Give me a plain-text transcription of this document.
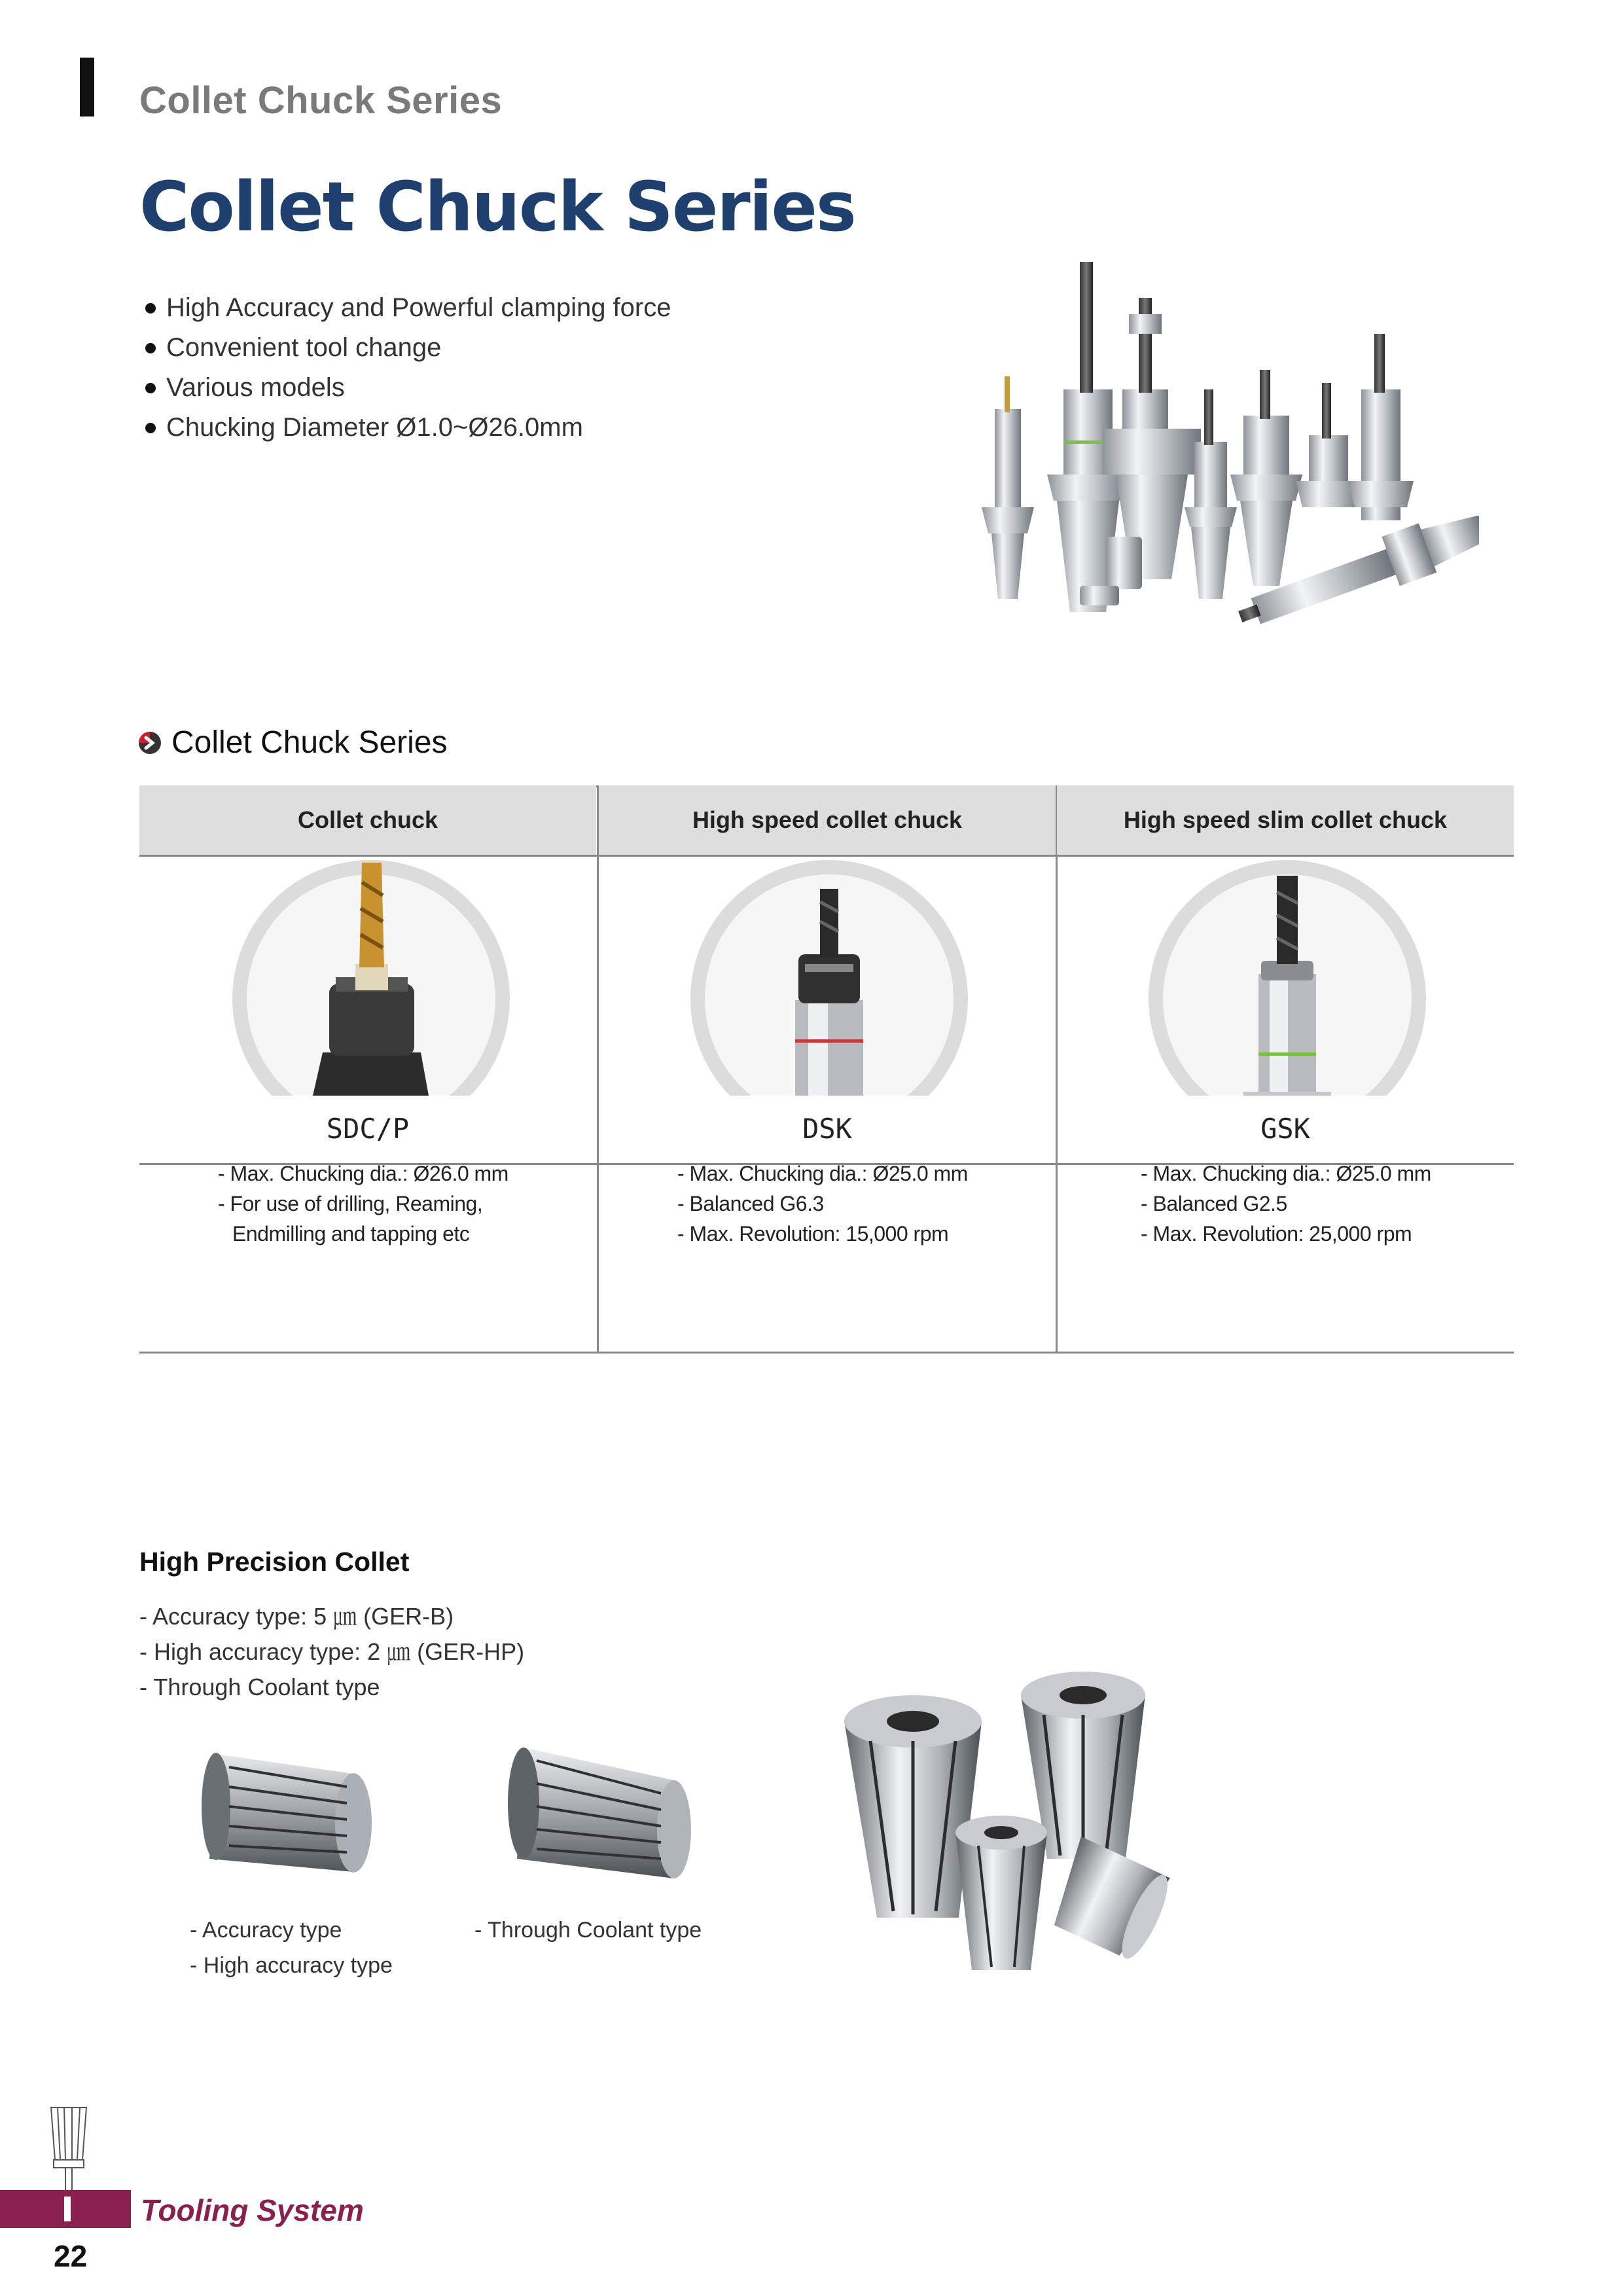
Collet Chuck Series
Collet Chuck Series
High Accuracy and Powerful clamping force
Convenient tool change
Various models
Chucking Diameter Ø1.0~Ø26.0mm
Collet Chuck Series
Collet chuck
SDC/P
- Max. Chucking dia.: Ø26.0 mm
- For use of drilling, Reaming,
Endmilling and tapping etc
High speed collet chuck
DSK
- Max. Chucking dia.: Ø25.0 mm
- Balanced G6.3
- Max. Revolution: 15,000 rpm
High speed slim collet chuck
GSK
- Max. Chucking dia.: Ø25.0 mm
- Balanced G2.5
- Max. Revolution: 25,000 rpm
High Precision Collet
- Accuracy type: 5 ㎛ (GER-B)
- High accuracy type: 2 ㎛ (GER-HP)
- Through Coolant type
- Accuracy type
- High accuracy type
- Through Coolant type
Tooling System
22
